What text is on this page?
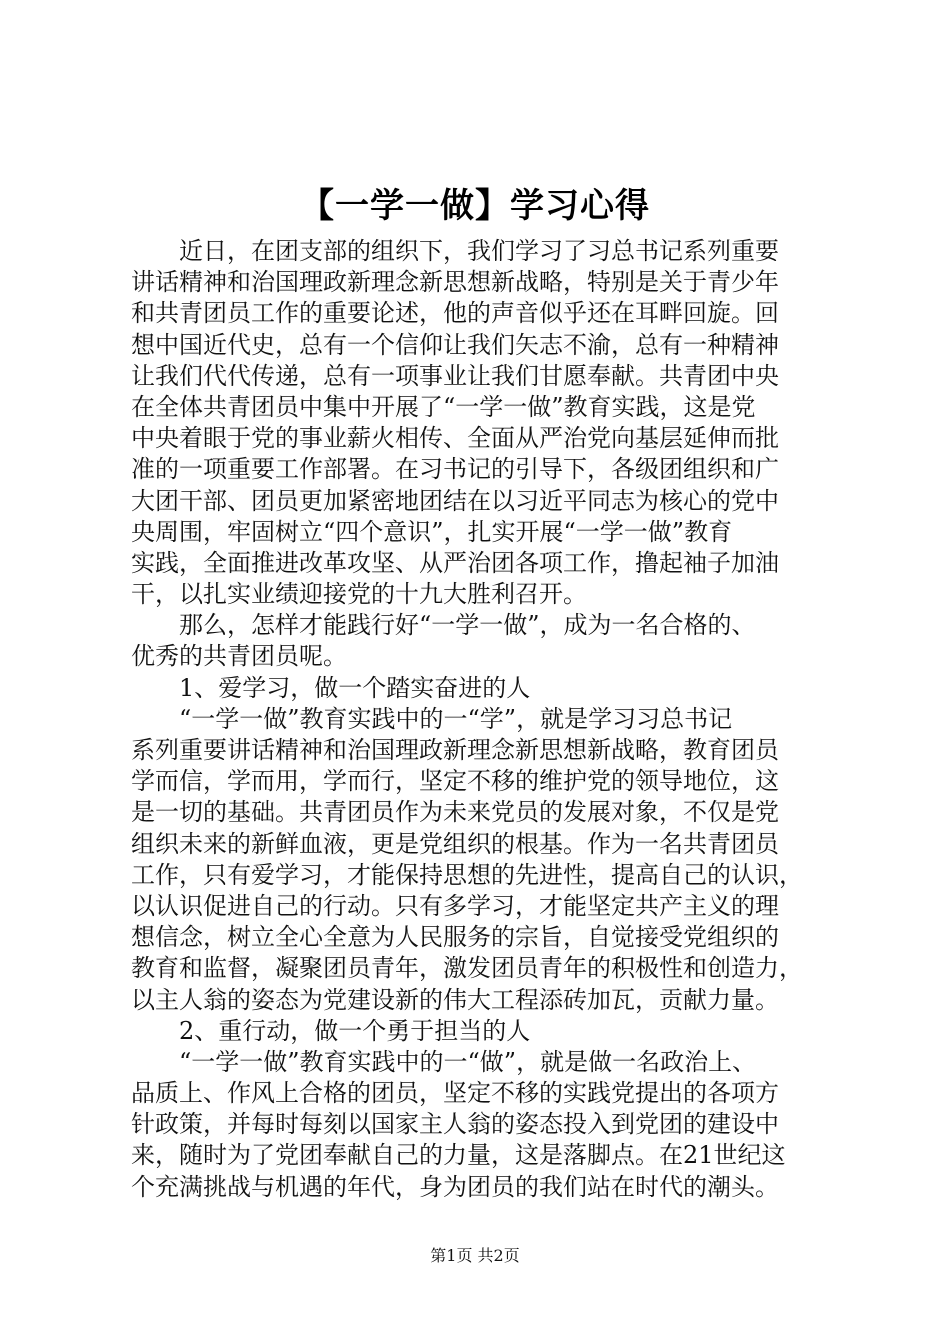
【一学一做】学习心得
　　近日，在团支部的组织下，我们学习了习总书记系列重要
讲话精神和治国理政新理念新思想新战略，特别是关于青少年
和共青团员工作的重要论述，他的声音似乎还在耳畔回旋。回
想中国近代史，总有一个信仰让我们矢志不渝，总有一种精神
让我们代代传递，总有一项事业让我们甘愿奉献。共青团中央
在全体共青团员中集中开展了“一学一做”教育实践，这是党
中央着眼于党的事业薪火相传、全面从严治党向基层延伸而批
准的一项重要工作部署。在习书记的引导下，各级团组织和广
大团干部、团员更加紧密地团结在以习近平同志为核心的党中
央周围，牢固树立“四个意识”，扎实开展“一学一做”教育
实践，全面推进改革攻坚、从严治团各项工作，撸起袖子加油
干，以扎实业绩迎接党的十九大胜利召开。
　　那么，怎样才能践行好“一学一做”，成为一名合格的、
优秀的共青团员呢。
　　1、爱学习，做一个踏实奋进的人
　　“一学一做”教育实践中的一“学”，就是学习习总书记
系列重要讲话精神和治国理政新理念新思想新战略，教育团员
学而信，学而用，学而行，坚定不移的维护党的领导地位，这
是一切的基础。共青团员作为未来党员的发展对象，不仅是党
组织未来的新鲜血液，更是党组织的根基。作为一名共青团员
工作，只有爱学习，才能保持思想的先进性，提高自己的认识，
以认识促进自己的行动。只有多学习，才能坚定共产主义的理
想信念，树立全心全意为人民服务的宗旨，自觉接受党组织的
教育和监督，凝聚团员青年，激发团员青年的积极性和创造力，
以主人翁的姿态为党建设新的伟大工程添砖加瓦，贡献力量。
　　2、重行动，做一个勇于担当的人
　　“一学一做”教育实践中的一“做”，就是做一名政治上、
品质上、作风上合格的团员，坚定不移的实践党提出的各项方
针政策，并每时每刻以国家主人翁的姿态投入到党团的建设中
来，随时为了党团奉献自己的力量，这是落脚点。在21世纪这
个充满挑战与机遇的年代，身为团员的我们站在时代的潮头。
第1页 共2页
